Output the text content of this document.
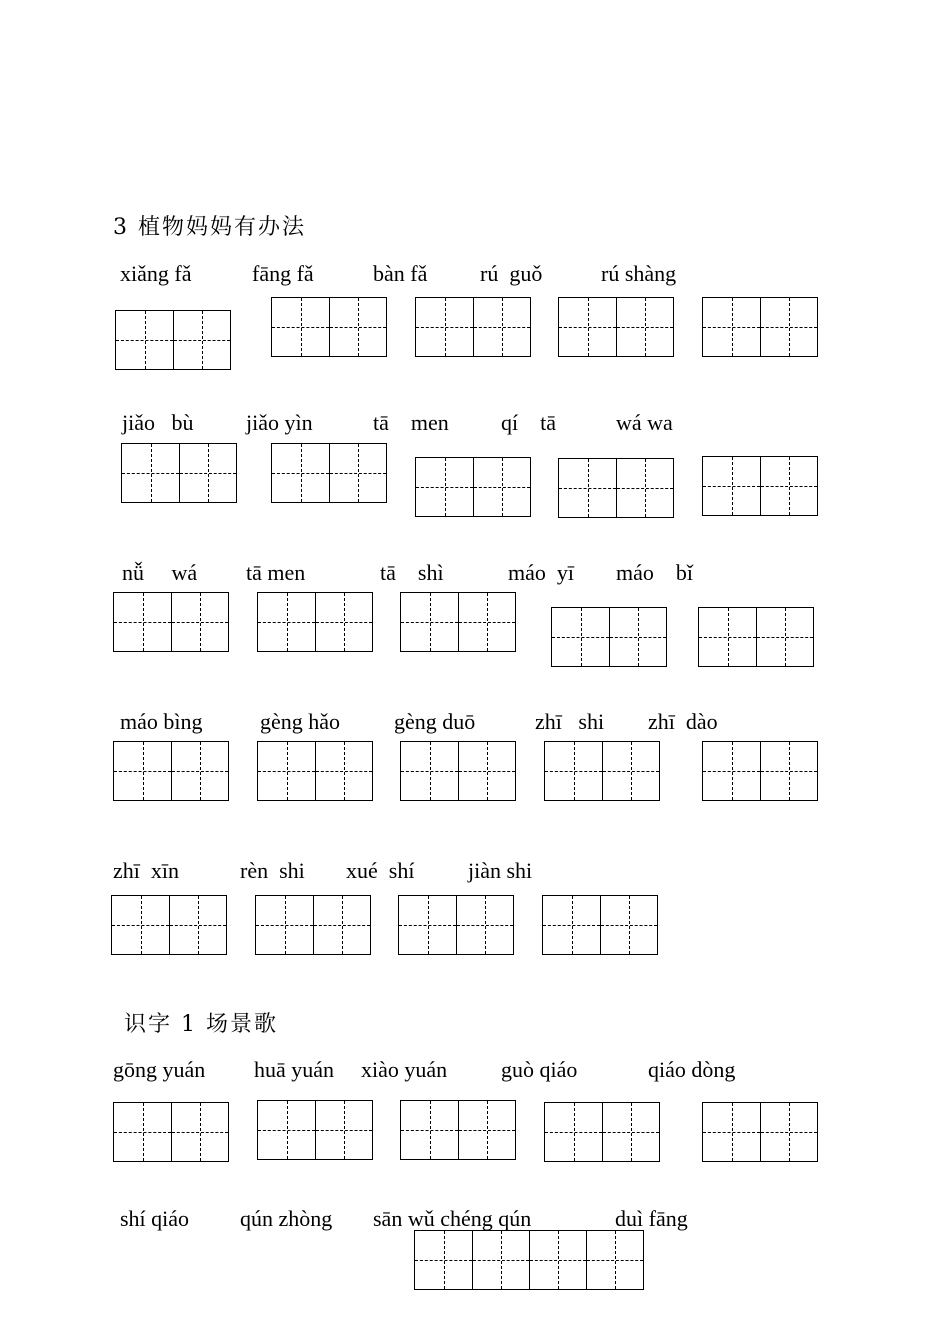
3 植物妈妈有办法
xiǎng fǎ	fāng fǎ	bàn fǎ rú  guǒ	rú shàng
jiǎo   bù jiǎo yìn	tā    men qí    tā	wá wa
nǚ     wá tā men	tā    shì	máo  yī máo    bǐ
máo bìng	gèng hǎo gèng duō	zhī   shi zhī  dào
zhī  xīn	rèn  shi xué  shí jiàn shi
识字 1 场景歌
gōng yuán huā yuán xiào yuán guò qiáo	qiáo dòng
shí qiáo qún zhòng sān wǔ chéng qún	duì fāng
